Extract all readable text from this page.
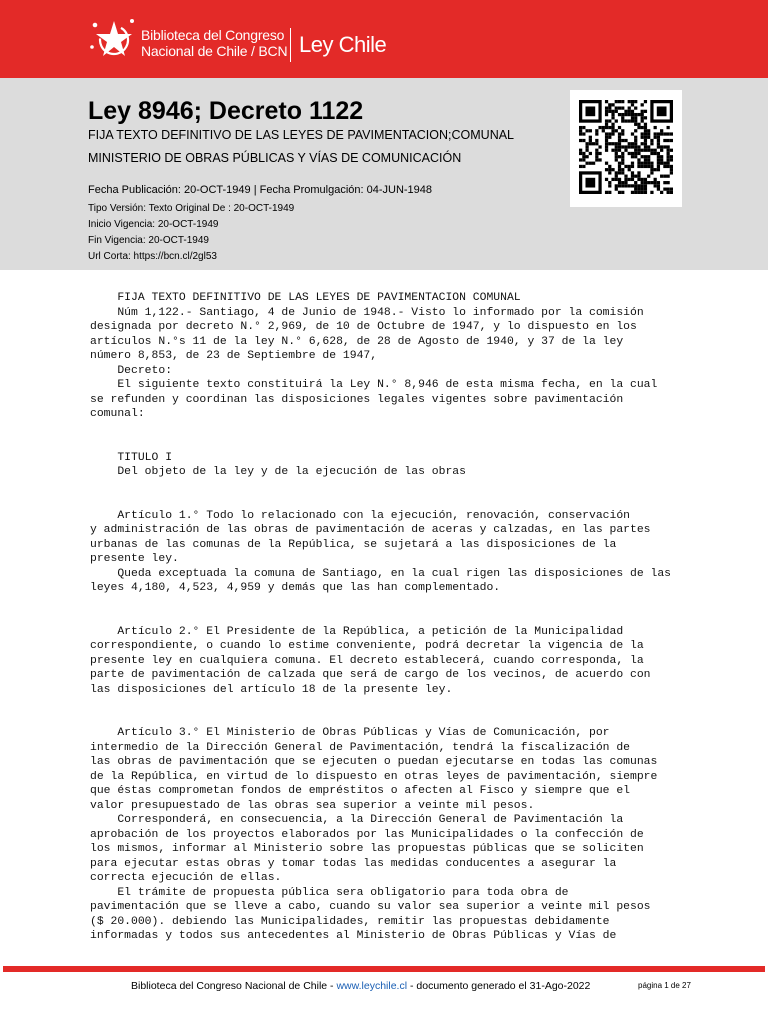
Biblioteca del Congreso
Nacional de Chile / BCN Ley Chile
Ley 8946; Decreto 1122
FIJA TEXTO DEFINITIVO DE LAS LEYES DE PAVIMENTACION;COMUNAL
MINISTERIO DE OBRAS PÚBLICAS Y VÍAS DE COMUNICACIÓN
Fecha Publicación: 20-OCT-1949 | Fecha Promulgación: 04-JUN-1948
Tipo Versión: Texto Original De : 20-OCT-1949
Inicio Vigencia: 20-OCT-1949
Fin Vigencia: 20-OCT-1949
Url Corta: https://bcn.cl/2gl53
FIJA TEXTO DEFINITIVO DE LAS LEYES DE PAVIMENTACION COMUNAL
Núm 1,122.- Santiago, 4 de Junio de 1948.- Visto lo informado por la comisión
designada por decreto N.° 2,969, de 10 de Octubre de 1947, y lo dispuesto en los
artículos N.°s 11 de la ley N.° 6,628, de 28 de Agosto de 1940, y 37 de la ley
número 8,853, de 23 de Septiembre de 1947,
Decreto:
El siguiente texto constituirá la Ley N.° 8,946 de esta misma fecha, en la cual
se refunden y coordinan las disposiciones legales vigentes sobre pavimentación
comunal:

TITULO I
Del objeto de la ley y de la ejecución de las obras

Artículo 1.° Todo lo relacionado con la ejecución, renovación, conservación
y administración de las obras de pavimentación de aceras y calzadas, en las partes
urbanas de las comunas de la República, se sujetará a las disposiciones de la
presente ley.
Queda exceptuada la comuna de Santiago, en la cual rigen las disposiciones de las
leyes 4,180, 4,523, 4,959 y demás que las han complementado.

Artículo 2.° El Presidente de la República, a petición de la Municipalidad
correspondiente, o cuando lo estime conveniente, podrá decretar la vigencia de la
presente ley en cualquiera comuna. El decreto establecerá, cuando corresponda, la
parte de pavimentación de calzada que será de cargo de los vecinos, de acuerdo con
las disposiciones del artículo 18 de la presente ley.

Artículo 3.° El Ministerio de Obras Públicas y Vías de Comunicación, por
intermedio de la Dirección General de Pavimentación, tendrá la fiscalización de
las obras de pavimentación que se ejecuten o puedan ejecutarse en todas las comunas
de la República, en virtud de lo dispuesto en otras leyes de pavimentación, siempre
que éstas comprometan fondos de empréstitos o afecten al Fisco y siempre que el
valor presupuestado de las obras sea superior a veinte mil pesos.
Corresponderá, en consecuencia, a la Dirección General de Pavimentación la
aprobación de los proyectos elaborados por las Municipalidades o la confección de
los mismos, informar al Ministerio sobre las propuestas públicas que se soliciten
para ejecutar estas obras y tomar todas las medidas conducentes a asegurar la
correcta ejecución de ellas.
El trámite de propuesta pública sera obligatorio para toda obra de
pavimentación que se lleve a cabo, cuando su valor sea superior a veinte mil pesos
($ 20.000). debiendo las Municipalidades, remitir las propuestas debidamente
informadas y todos sus antecedentes al Ministerio de Obras Públicas y Vías de
Biblioteca del Congreso Nacional de Chile - www.leychile.cl - documento generado el 31-Ago-2022	página 1 de 27
